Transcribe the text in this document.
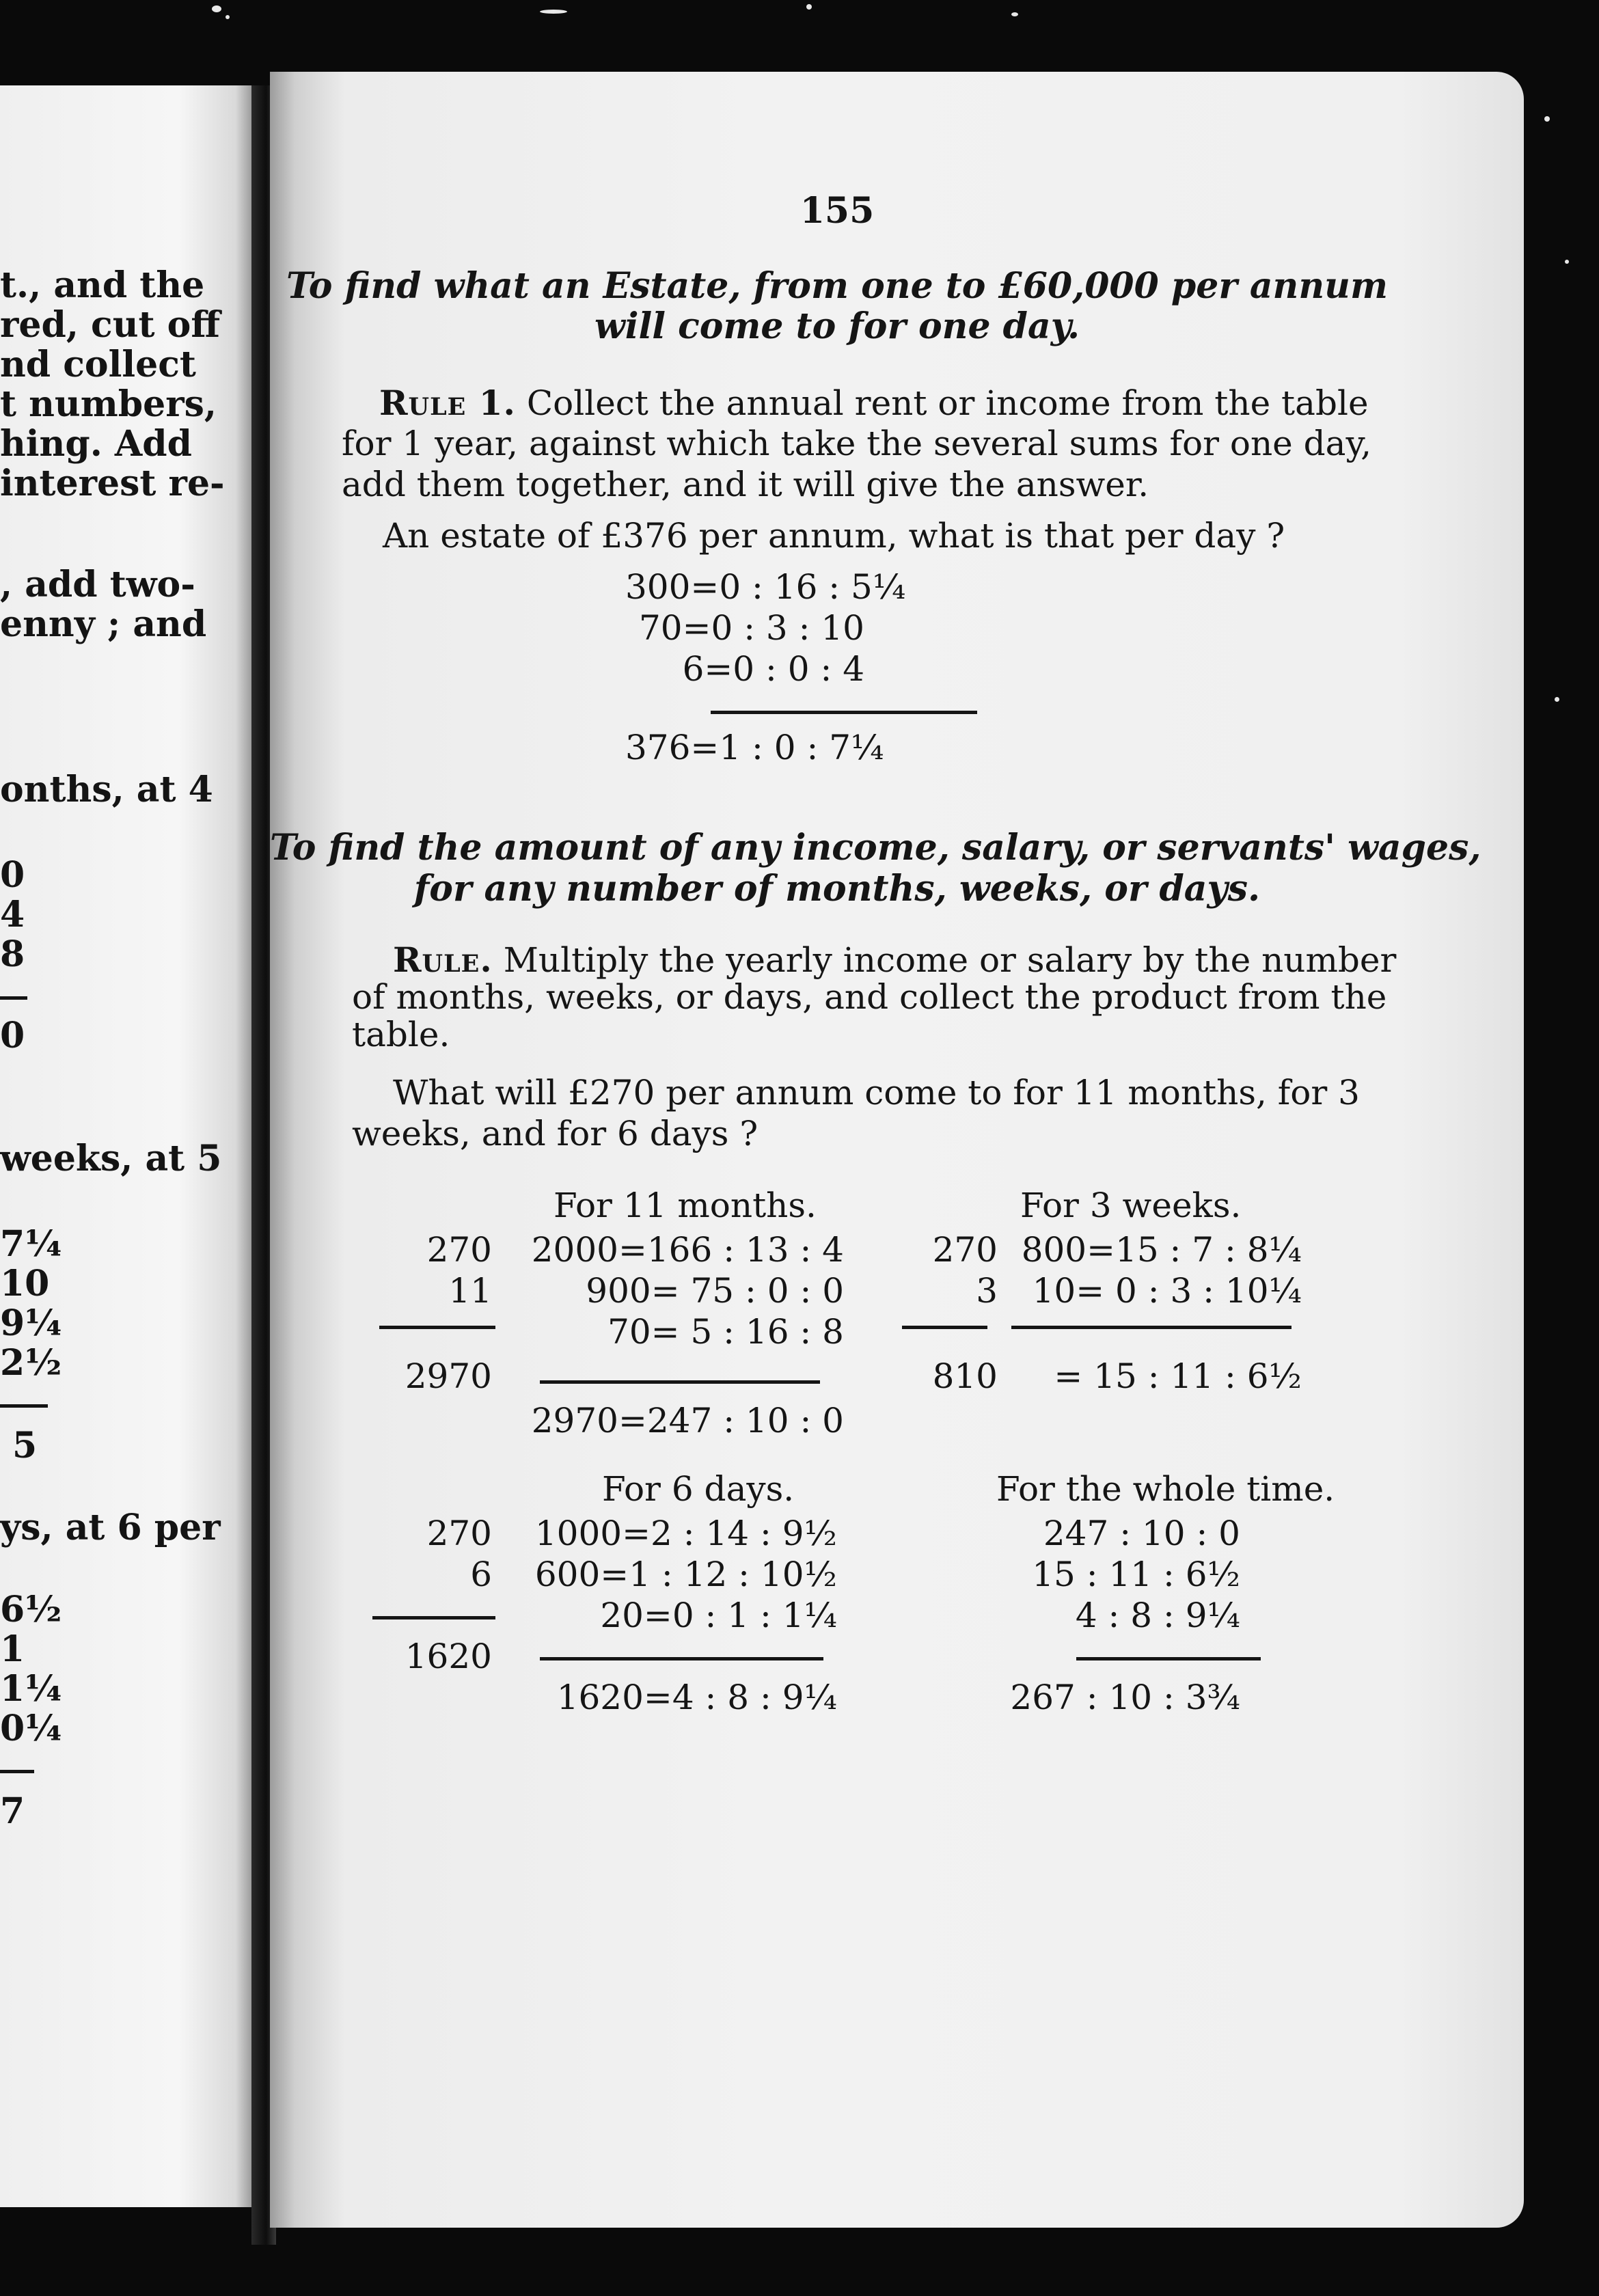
t., and the
red, cut off
nd collect
t numbers,
hing. Add
interest re-
, add two-
enny ; and
onths, at 4
0
4
8
0
weeks, at 5
7¼
10
9¼
2½
5
ys, at 6 per
6½
1
1¼
0¼
7
155
To find what an Estate, from one to £60,000 per annum
will come to for one day.
Rule 1. Collect the annual rent or income from the table
for 1 year, against which take the several sums for one day,
add them together, and it will give the answer.
An estate of £376 per annum, what is that per day ?
300=0 : 16 : 5¼
70=0 : 3 : 10
6=0 : 0 : 4
376=1 : 0 : 7¼
To find the amount of any income, salary, or servants' wages,
for any number of months, weeks, or days.
Rule. Multiply the yearly income or salary by the number
of months, weeks, or days, and collect the product from the
table.
What will £270 per annum come to for 11 months, for 3
weeks, and for 6 days ?
For 11 months.
270
11
2970
2000=166 : 13 : 4
900= 75 : 0 : 0
70= 5 : 16 : 8
2970=247 : 10 : 0
For 3 weeks.
270
3
810
800=15 : 7 : 8¼
10= 0 : 3 : 10¼
= 15 : 11 : 6½
For 6 days.
270
6
1620
1000=2 : 14 : 9½
600=1 : 12 : 10½
20=0 : 1 : 1¼
1620=4 : 8 : 9¼
For the whole time.
247 : 10 : 0
15 : 11 : 6½
4 : 8 : 9¼
267 : 10 : 3¾
